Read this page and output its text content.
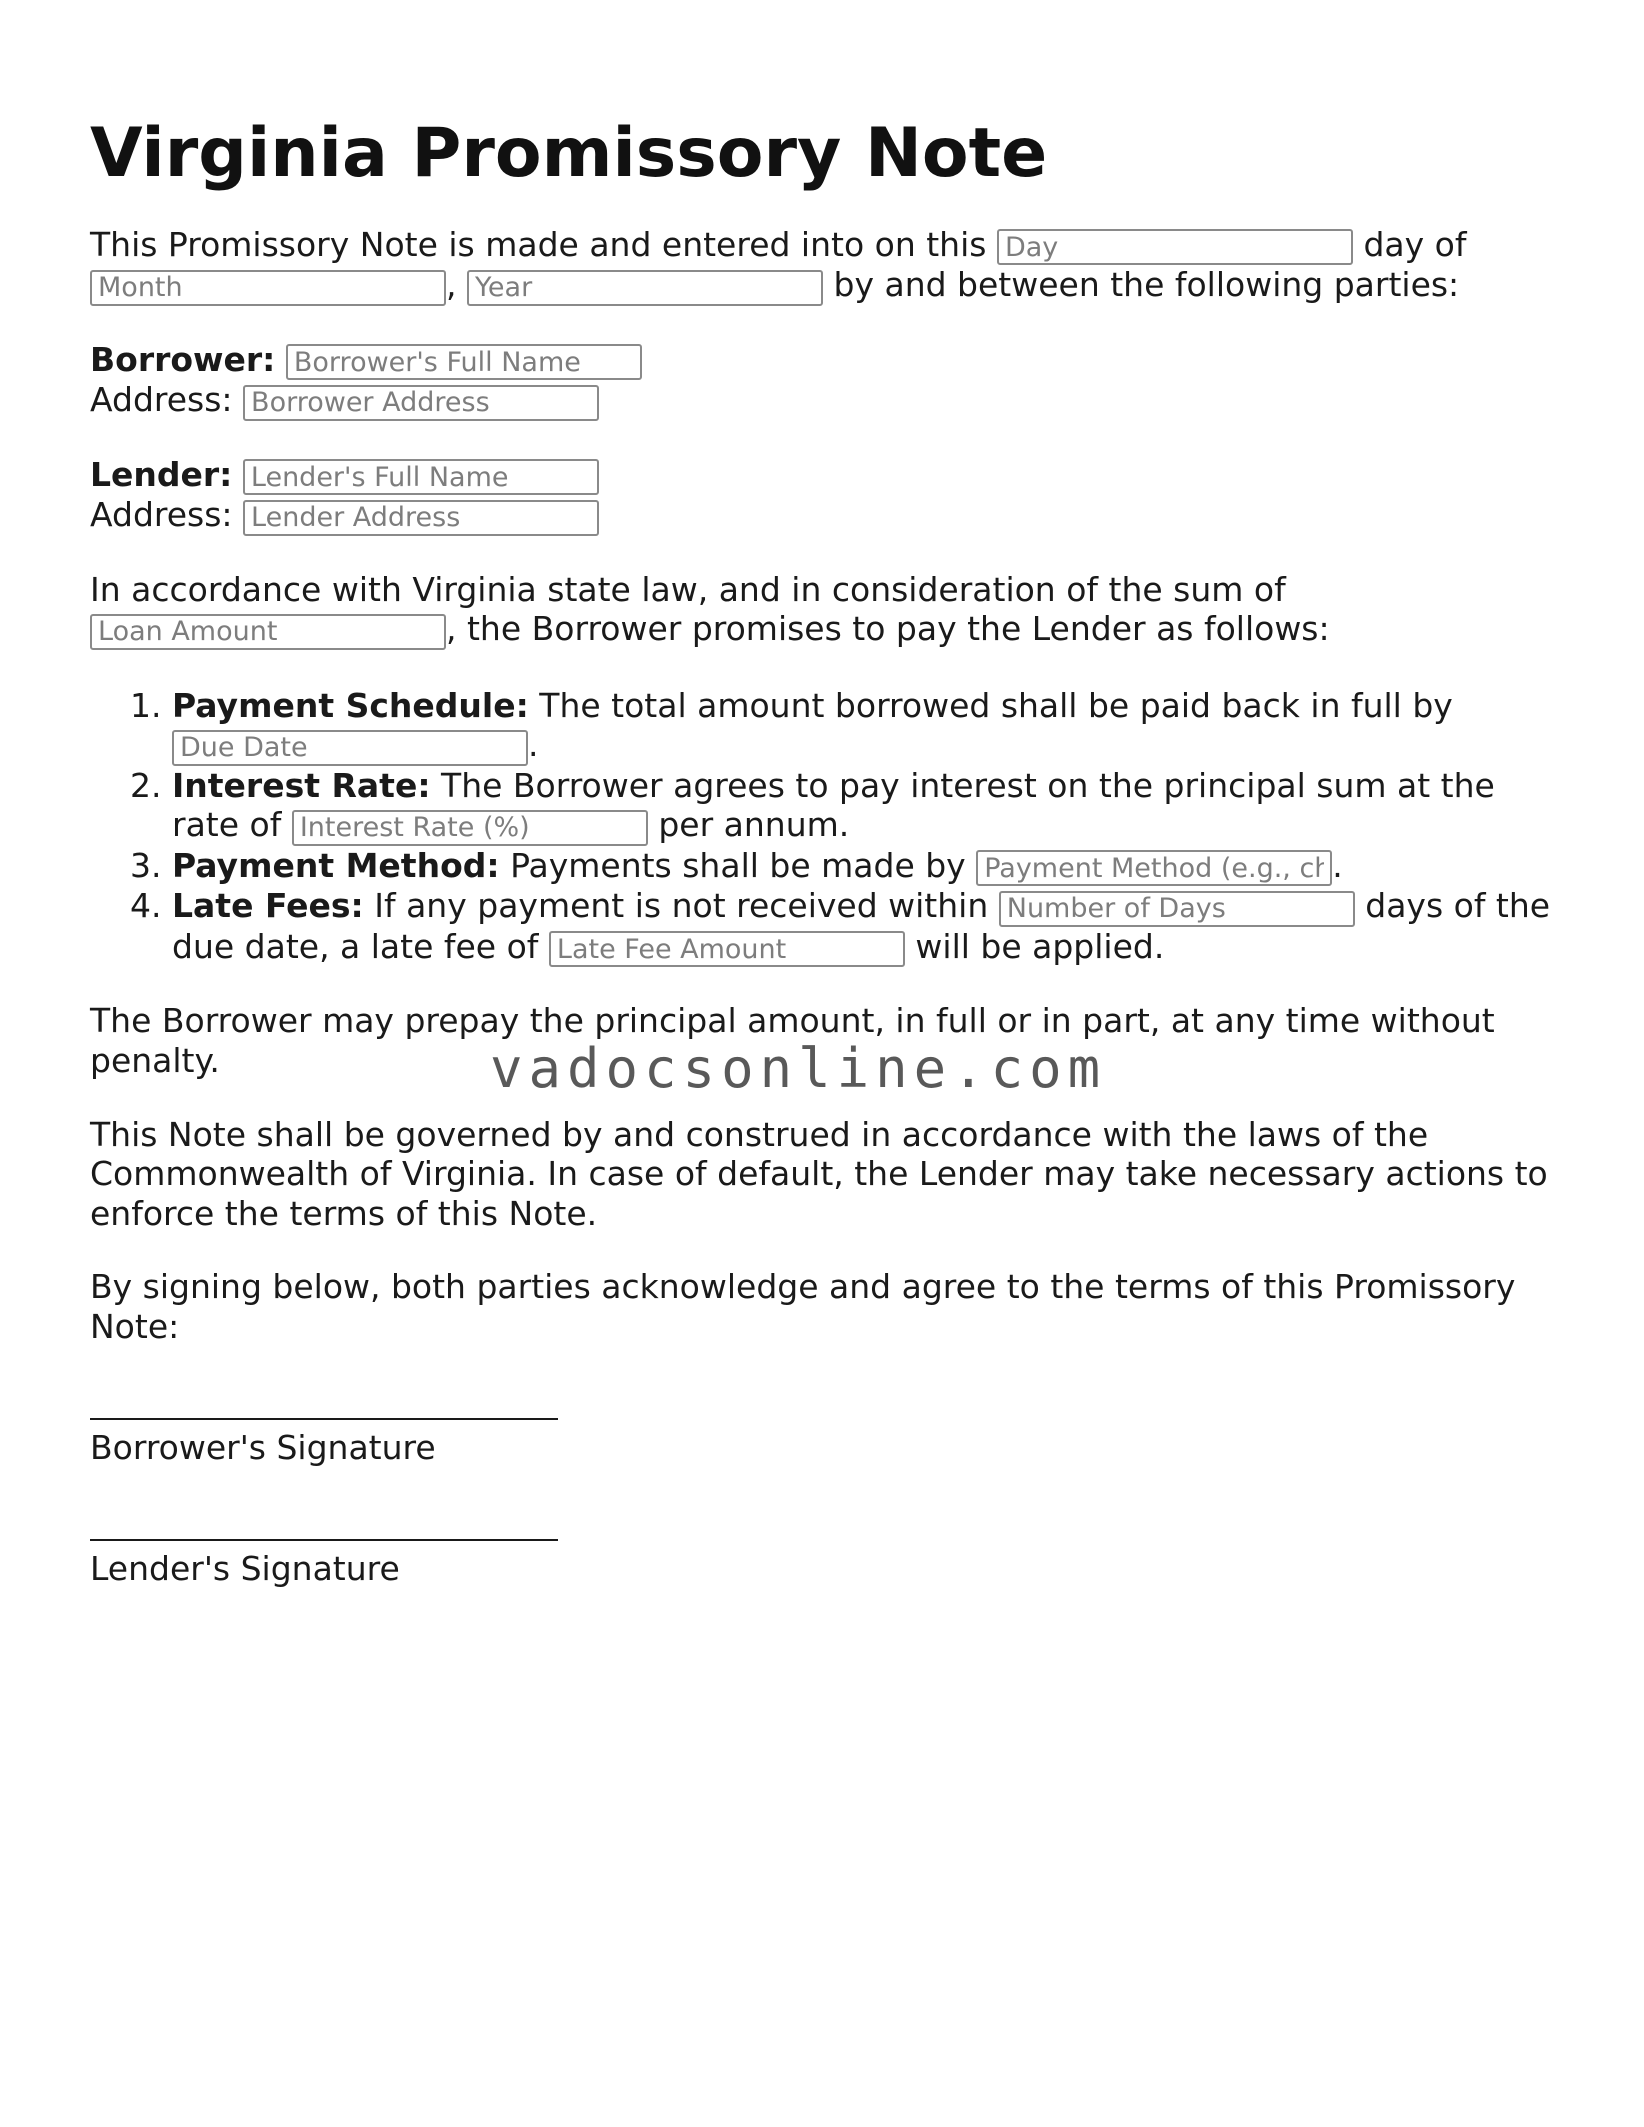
Virginia Promissory Note

This Promissory Note is made and entered into on this Day	day of Month, Year	by and between the following parties:

Borrower: Borrower's Full Name
Address: Borrower Address
Lender: Lender's Full Name
Address: Lender Address

In accordance with Virginia state law, and in consideration of the sum of
Loan Amount, the Borrower promises to pay the Lender as follows:

1. Payment Schedule: The total amount borrowed shall be paid back in full by
Due Date.
2. Interest Rate: The Borrower agrees to pay interest on the principal sum at the rate of Interest Rate (%)	per annum.
3. Payment Method: Payments shall be made by Payment Method (e.g., check, bank transfer)	.
4. Late Fees: If any payment is not received within Number of Days	days of the due date, a late fee of Late Fee Amount	will be applied.

The Borrower may prepay the principal amount, in full or in part, at any time without penalty.

This Note shall be governed by and construed in accordance with the laws of the Commonwealth of Virginia. In case of default, the Lender may take necessary actions to enforce the terms of this Note.

By signing below, both parties acknowledge and agree to the terms of this Promissory Note:

Borrower's Signature

Lender's Signature
vadocsonline.com
